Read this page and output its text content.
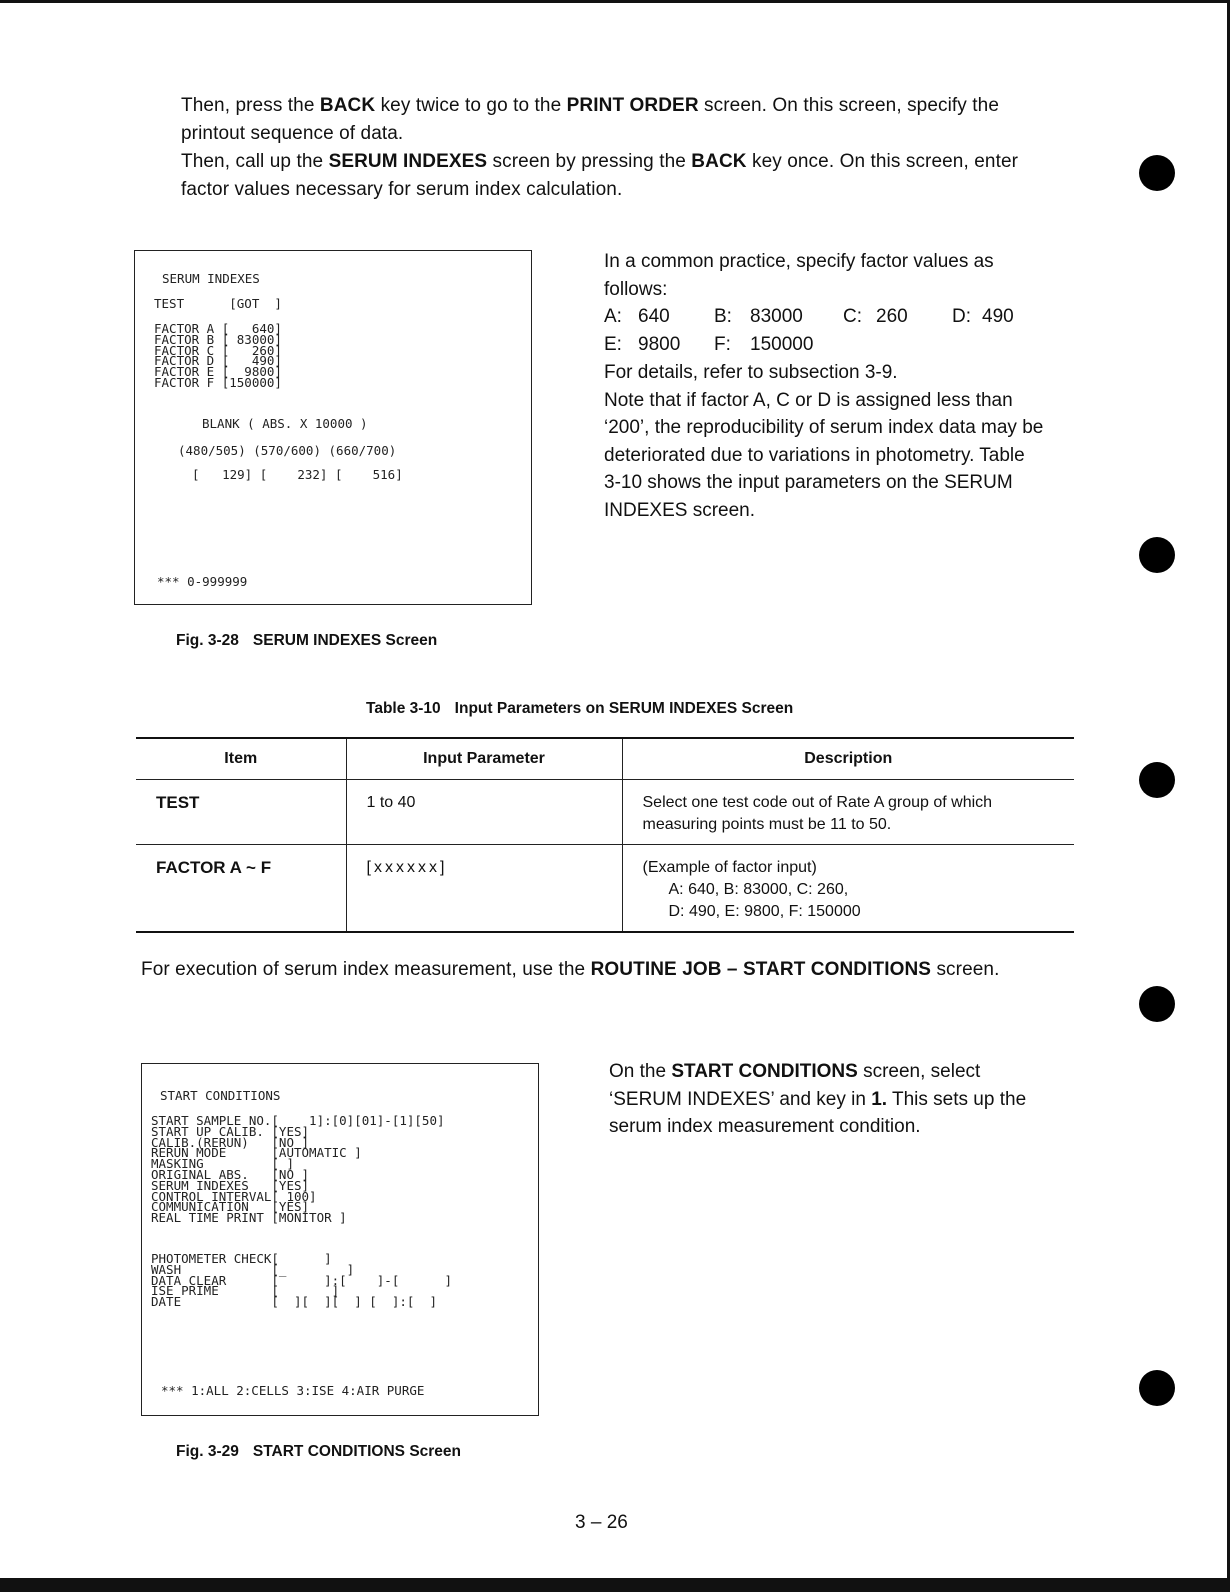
Then, press the BACK key twice to go to the PRINT ORDER screen. On this screen, specify the printout sequence of data.
Then, call up the SERUM INDEXES screen by pressing the BACK key once. On this screen, enter factor values necessary for serum index calculation.
SERUM INDEXES
TEST      [GOT  ]
FACTOR A [   640]
FACTOR B [ 83000]
FACTOR C [   260]
FACTOR D [   490]
FACTOR E [  9800]
FACTOR F [150000]
BLANK ( ABS. X 10000 )
(480/505) (570/600) (660/700)
[   129] [    232] [    516]
*** 0-999999
Fig. 3-28 SERUM INDEXES Screen
In a common practice, specify factor values as follows:
A: 640 B: 83000 C: 260 D: 490
E: 9800 F: 150000
For details, refer to subsection 3-9.
Note that if factor A, C or D is assigned less than ‘200’, the reproducibility of serum index data may be deteriorated due to variations in photometry. Table 3-10 shows the input parameters on the SERUM INDEXES screen.
Table 3-10 Input Parameters on SERUM INDEXES Screen
Item	Input Parameter	Description
TEST	1 to 40	Select one test code out of Rate A group of which measuring points must be 11 to 50.
FACTOR A ~ F	[xxxxxx]	(Example of factor input)
A: 640, B: 83000, C: 260,
D: 490, E: 9800, F: 150000
For execution of serum index measurement, use the ROUTINE JOB – START CONDITIONS screen.
START CONDITIONS
START SAMPLE NO.[    1]:[0][01]-[1][50]
START UP CALIB. [YES]
CALIB.(RERUN)   [NO ]
RERUN MODE      [AUTOMATIC ]
MASKING         [ ]
ORIGINAL ABS.   [NO ]
SERUM INDEXES   [YES]
CONTROL INTERVAL[ 100]
COMMUNICATION   [YES]
REAL TIME PRINT [MONITOR ]
PHOTOMETER CHECK[      ]
WASH            [_        ]
DATA CLEAR      [      ]:[    ]-[      ]
ISE PRIME       [       ]
DATE            [  ][  ][  ] [  ]:[  ]
*** 1:ALL 2:CELLS 3:ISE 4:AIR PURGE
Fig. 3-29 START CONDITIONS Screen
On the START CONDITIONS screen, select ‘SERUM INDEXES’ and key in 1. This sets up the serum index measurement condition.
3 – 26
